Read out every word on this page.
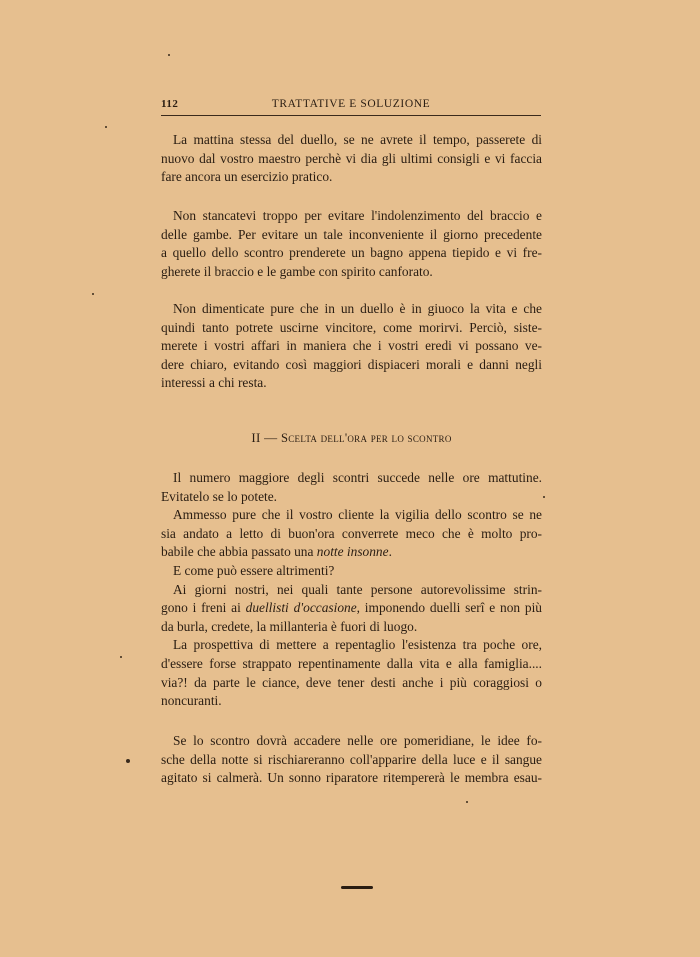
112	TRATTATIVE E SOLUZIONE

La mattina stessa del duello, se ne avrete il tempo, passerete di
nuovo dal vostro maestro perchè vi dia gli ultimi consigli e vi faccia
fare ancora un esercizio pratico.

Non stancatevi troppo per evitare l'indolenzimento del braccio e
delle gambe. Per evitare un tale inconveniente il giorno precedente
a quello dello scontro prenderete un bagno appena tiepido e vi fre-
gherete il braccio e le gambe con spirito canforato.

Non dimenticate pure che in un duello è in giuoco la vita e che
quindi tanto potrete uscirne vincitore, come morirvi. Perciò, siste-
merete i vostri affari in maniera che i vostri eredi vi possano ve-
dere chiaro, evitando così maggiori dispiaceri morali e danni negli
interessi a chi resta.

II — Scelta dell'ora per lo scontro

Il numero maggiore degli scontri succede nelle ore mattutine.
Evitatelo se lo potete.
Ammesso pure che il vostro cliente la vigilia dello scontro se ne
sia andato a letto di buon'ora converrete meco che è molto pro-
babile che abbia passato una notte insonne.
E come può essere altrimenti?
Ai giorni nostri, nei quali tante persone autorevolissime strin-
gono i freni ai duellisti d'occasione, imponendo duelli serî e non più
da burla, credete, la millanteria è fuori di luogo.
La prospettiva di mettere a repentaglio l'esistenza tra poche ore,
d'essere forse strappato repentinamente dalla vita e alla famiglia....
via?! da parte le ciance, deve tener desti anche i più coraggiosi o
noncuranti.

Se lo scontro dovrà accadere nelle ore pomeridiane, le idee fo-
sche della notte si rischiareranno coll'apparire della luce e il sangue
agitato si calmerà. Un sonno riparatore ritempererà le membra esau-
